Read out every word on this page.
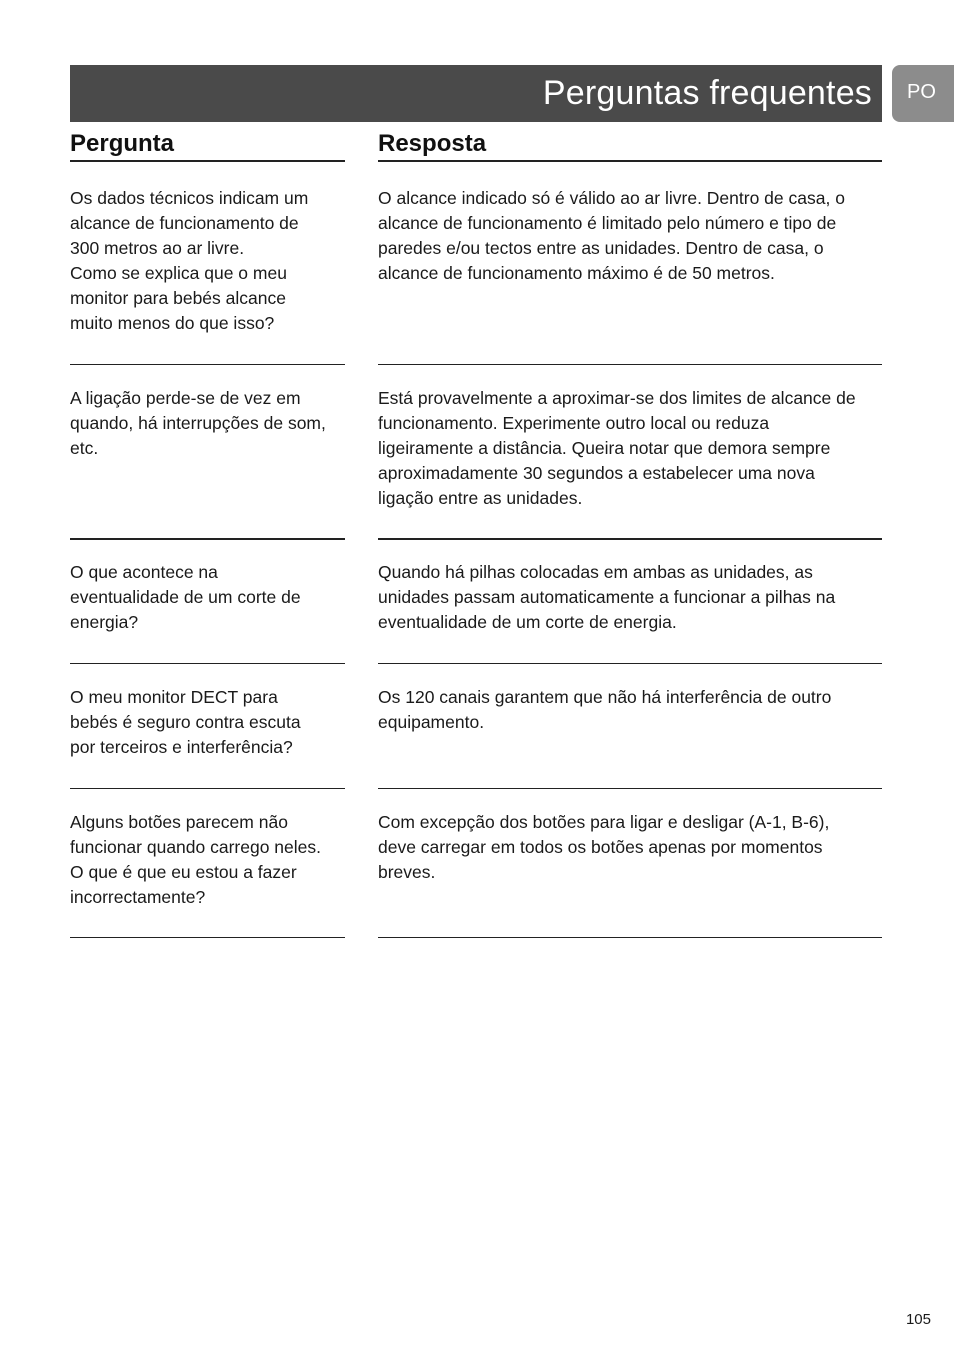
Perguntas frequentes PO
Pergunta	Resposta
Os dados técnicos indicam um
alcance de funcionamento de
300 metros ao ar livre.
Como se explica que o meu
monitor para bebés alcance
muito menos do que isso?
O alcance indicado só é válido ao ar livre. Dentro de casa, o
alcance de funcionamento é limitado pelo número e tipo de
paredes e/ou tectos entre as unidades. Dentro de casa, o
alcance de funcionamento máximo é de 50 metros.
A ligação perde-se de vez em
quando, há interrupções de som,
etc.
Está provavelmente a aproximar-se dos limites de alcance de
funcionamento. Experimente outro local ou reduza
ligeiramente a distância. Queira notar que demora sempre
aproximadamente 30 segundos a estabelecer uma nova
ligação entre as unidades.
O que acontece na
eventualidade de um corte de
energia?
Quando há pilhas colocadas em ambas as unidades, as
unidades passam automaticamente a funcionar a pilhas na
eventualidade de um corte de energia.
O meu monitor DECT para
bebés é seguro contra escuta
por terceiros e interferência?
Os 120 canais garantem que não há interferência de outro
equipamento.
Alguns botões parecem não
funcionar quando carrego neles.
O que é que eu estou a fazer
incorrectamente?
Com excepção dos botões para ligar e desligar (A-1, B-6),
deve carregar em todos os botões apenas por momentos
breves.
105
